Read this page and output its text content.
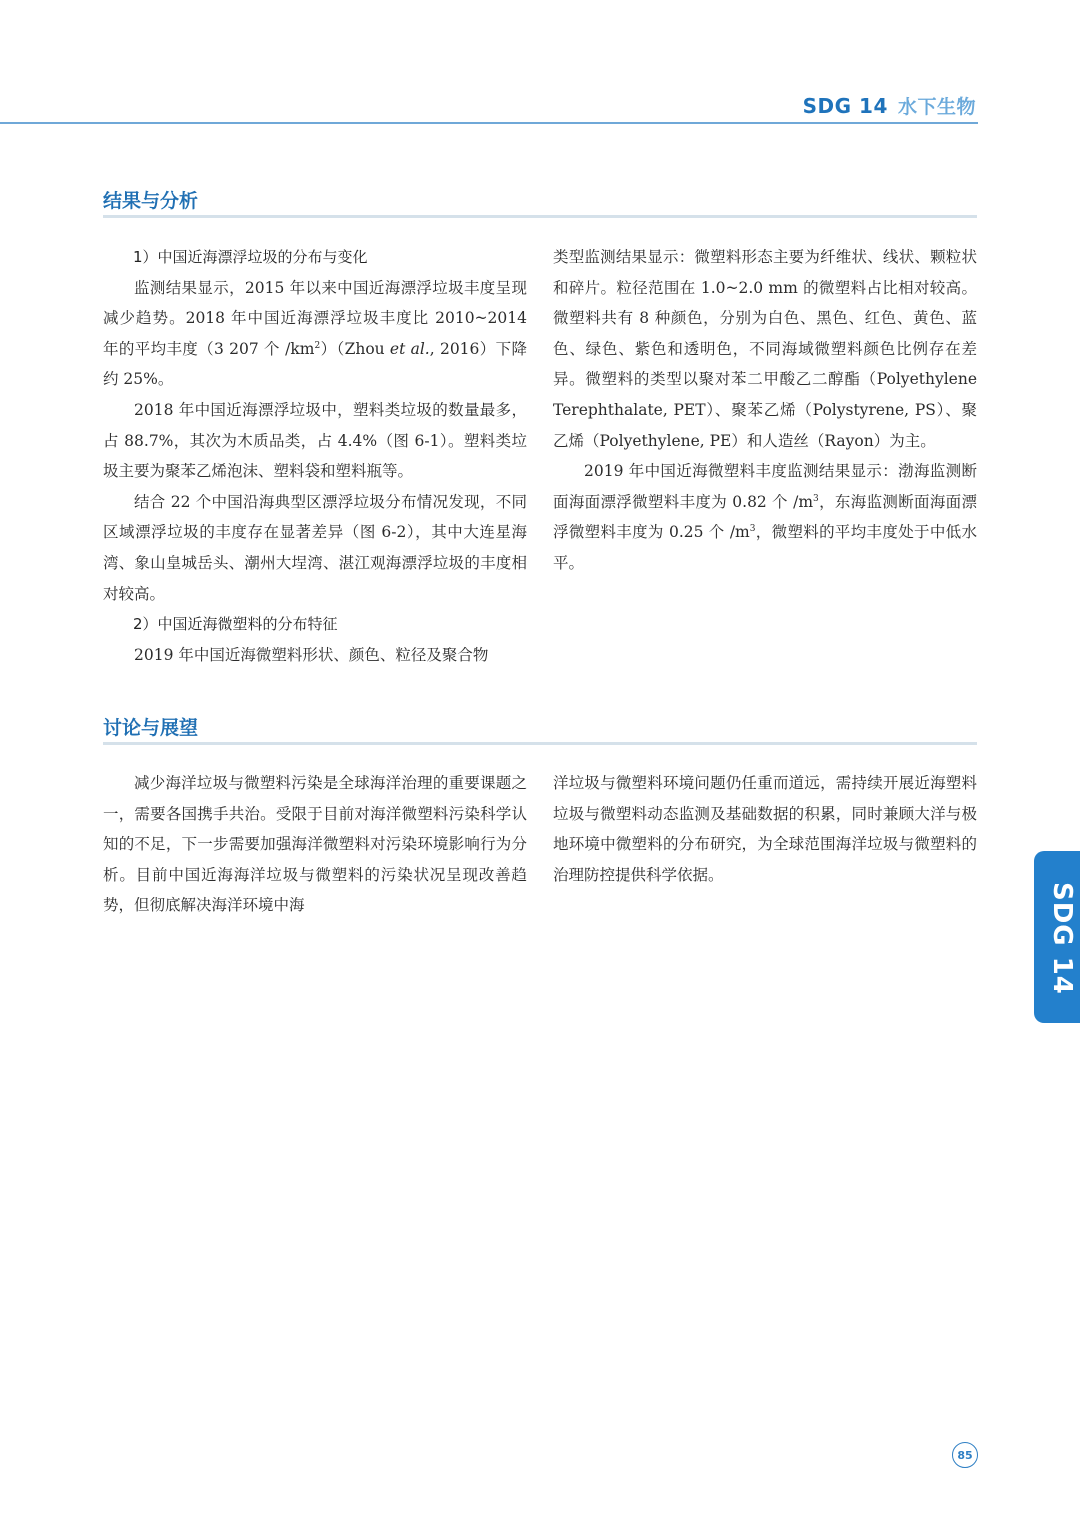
SDG 14 水下生物
结果与分析
1）中国近海漂浮垃圾的分布与变化

监测结果显示，2015 年以来中国近海漂浮垃圾丰度呈现减少趋势。2018 年中国近海漂浮垃圾丰度比 2010~2014 年的平均丰度（3 207 个 $/km^2)(Zhou$ et al., 2016）下降约 25%。

2018 年中国近海漂浮垃圾中，塑料类垃圾的数量最多，占 88.7%，其次为木质品类，占 4.4%（图 6-1）。塑料类垃圾主要为聚苯乙烯泡沫、塑料袋和塑料瓶等。

结合 22 个中国沿海典型区漂浮垃圾分布情况发现，不同区域漂浮垃圾的丰度存在显著差异（图 6-2），其中大连星海湾、象山皇城岳头、潮州大埕湾、湛江观海漂浮垃圾的丰度相对较高。

2）中国近海微塑料的分布特征

2019 年中国近海微塑料形状、颜色、粒径及聚合物

类型监测结果显示：微塑料形态主要为纤维状、线状、颗粒状和碎片。粒径范围在 1.0~2.0 mm 的微塑料占比相对较高。微塑料共有 8 种颜色，分别为白色、黑色、红色、黄色、蓝色、绿色、紫色和透明色，不同海域微塑料颜色比例存在差异。微塑料的类型以聚对苯二甲酸乙二醇酯（Polyethylene Terephthalate, PET）、聚苯乙烯（Polystyrene, PS）、聚乙烯（Polyethylene, PE）和人造丝（Rayon）为主。

2019 年中国近海微塑料丰度监测结果显示：渤海监测断面海面漂浮微塑料丰度为 0.82 个 $/m^3$，东海监测断面海面漂浮微塑料丰度为 0.25 个 $/m^3$，微塑料的平均丰度处于中低水平。

讨论与展望

减少海洋垃圾与微塑料污染是全球海洋治理的重要课题之一，需要各国携手共治。受限于目前对海洋微塑料污染科学认知的不足，下一步需要加强海洋微塑料对污染环境影响行为分析。目前中国近海海洋垃圾与微塑料的污染状况呈现改善趋势，但彻底解决海洋环境中海

洋垃圾与微塑料环境问题仍任重而道远，需持续开展近海塑料垃圾与微塑料动态监测及基础数据的积累，同时兼顾大洋与极地环境中微塑料的分布研究，为全球范围海洋垃圾与微塑料的治理防控提供科学依据。

SDG 14
85
